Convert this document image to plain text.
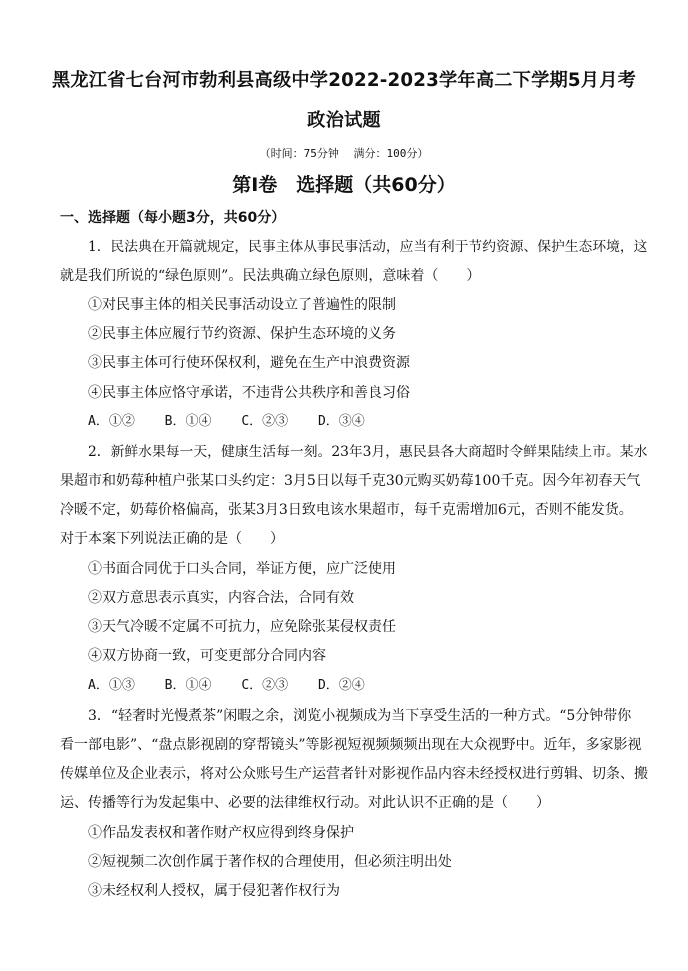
黑龙江省七台河市勃利县高级中学2022-2023学年高二下学期5月月考
政治试题
（时间：75分钟 满分：100分）
第Ⅰ卷　选择题（共60分）
一、选择题（每小题3分，共60分）
1．民法典在开篇就规定，民事主体从事民事活动，应当有利于节约资源、保护生态环境，这
就是我们所说的“绿色原则”。民法典确立绿色原则，意味着（　　）
①对民事主体的相关民事活动设立了普遍性的限制
②民事主体应履行节约资源、保护生态环境的义务
③民事主体可行使环保权利，避免在生产中浪费资源
④民事主体应恪守承诺，不违背公共秩序和善良习俗
A．①② B．①④ C．②③ D．③④
2．新鲜水果每一天，健康生活每一刻。23年3月，惠民县各大商超时令鲜果陆续上市。某水
果超市和奶莓种植户张某口头约定：3月5日以每千克30元购买奶莓100千克。因今年初春天气
冷暖不定，奶莓价格偏高，张某3月3日致电该水果超市，每千克需增加6元，否则不能发货。
对于本案下列说法正确的是（　　）
①书面合同优于口头合同，举证方便，应广泛使用
②双方意思表示真实，内容合法，合同有效
③天气冷暖不定属不可抗力，应免除张某侵权责任
④双方协商一致，可变更部分合同内容
A．①③ B．①④ C．②③ D．②④
3．“轻奢时光慢煮茶”闲暇之余，浏览小视频成为当下享受生活的一种方式。“5分钟带你
看一部电影”、“盘点影视剧的穿帮镜头”等影视短视频频频出现在大众视野中。近年，多家影视
传媒单位及企业表示，将对公众账号生产运营者针对影视作品内容未经授权进行剪辑、切条、搬
运、传播等行为发起集中、必要的法律维权行动。对此认识不正确的是（　　）
①作品发表权和著作财产权应得到终身保护
②短视频二次创作属于著作权的合理使用，但必须注明出处
③未经权利人授权，属于侵犯著作权行为
